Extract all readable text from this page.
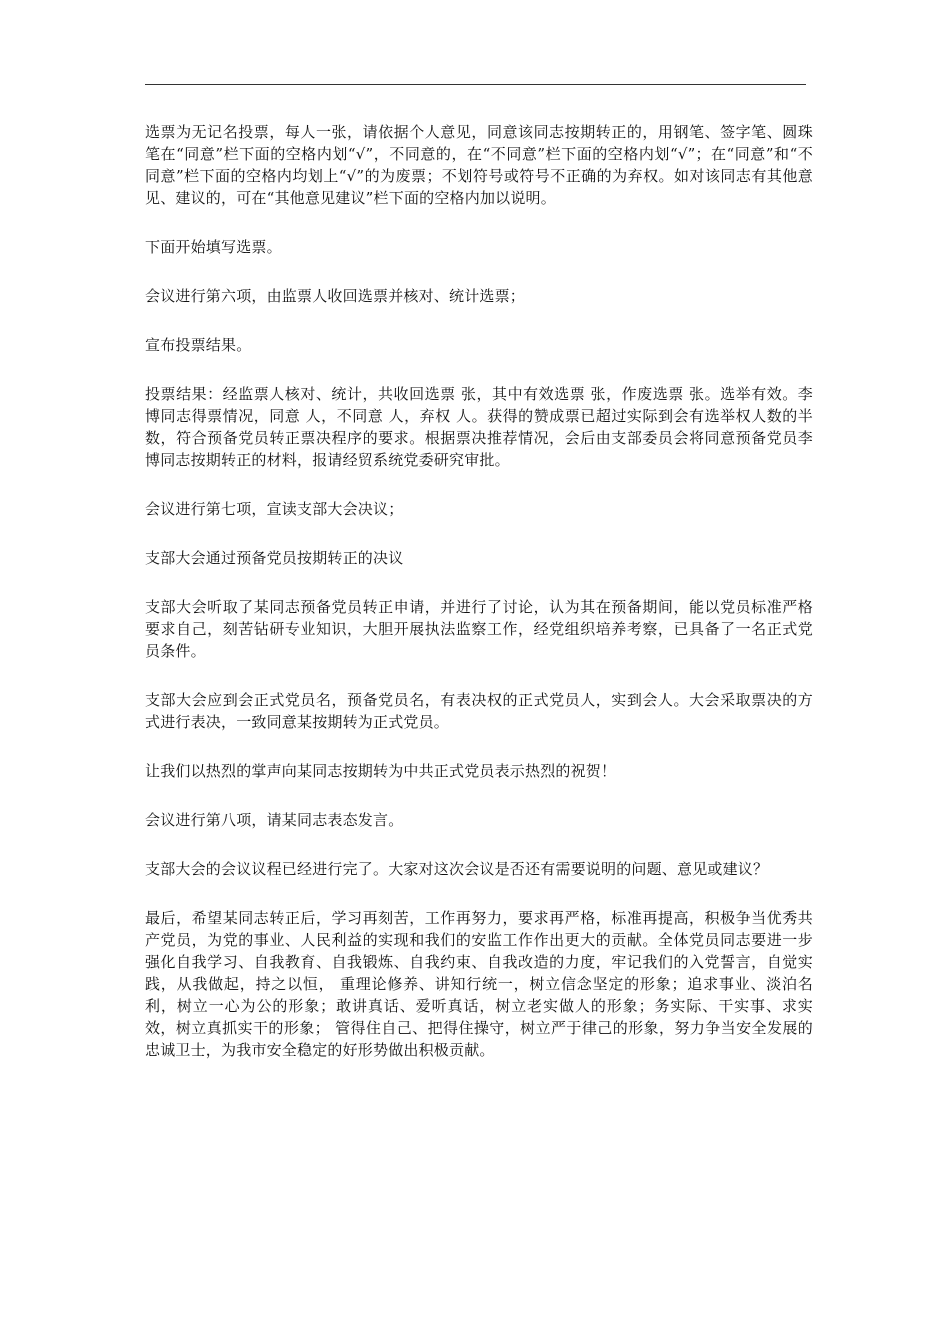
选票为无记名投票，每人一张，请依据个人意见，同意该同志按期转正的，用钢笔、签字笔、圆珠笔在“同意”栏下面的空格内划“√”，不同意的，在“不同意”栏下面的空格内划“√”；在“同意”和“不同意”栏下面的空格内均划上“√”的为废票；不划符号或符号不正确的为弃权。如对该同志有其他意见、建议的，可在“其他意见建议”栏下面的空格内加以说明。

下面开始填写选票。

会议进行第六项，由监票人收回选票并核对、统计选票；

宣布投票结果。

投票结果：经监票人核对、统计，共收回选票 张，其中有效选票 张，作废选票 张。选举有效。李博同志得票情况，同意 人，不同意 人，弃权 人。获得的赞成票已超过实际到会有选举权人数的半数，符合预备党员转正票决程序的要求。根据票决推荐情况，会后由支部委员会将同意预备党员李博同志按期转正的材料，报请经贸系统党委研究审批。

会议进行第七项，宣读支部大会决议；

支部大会通过预备党员按期转正的决议

支部大会听取了某同志预备党员转正申请，并进行了讨论，认为其在预备期间，能以党员标准严格要求自己，刻苦钻研专业知识，大胆开展执法监察工作，经党组织培养考察，已具备了一名正式党员条件。

支部大会应到会正式党员名，预备党员名，有表决权的正式党员人，实到会人。大会采取票决的方式进行表决，一致同意某按期转为正式党员。

让我们以热烈的掌声向某同志按期转为中共正式党员表示热烈的祝贺！

会议进行第八项，请某同志表态发言。

支部大会的会议议程已经进行完了。大家对这次会议是否还有需要说明的问题、意见或建议？

最后，希望某同志转正后，学习再刻苦，工作再努力，要求再严格，标准再提高，积极争当优秀共产党员，为党的事业、人民利益的实现和我们的安监工作作出更大的贡献。全体党员同志要进一步强化自我学习、自我教育、自我锻炼、自我约束、自我改造的力度，牢记我们的入党誓言，自觉实践，从我做起，持之以恒， 重理论修养、讲知行统一，树立信念坚定的形象；追求事业、淡泊名利，树立一心为公的形象；敢讲真话、爱听真话，树立老实做人的形象；务实际、干实事、求实效，树立真抓实干的形象； 管得住自己、把得住操守，树立严于律己的形象，努力争当安全发展的忠诚卫士，为我市安全稳定的好形势做出积极贡献。
